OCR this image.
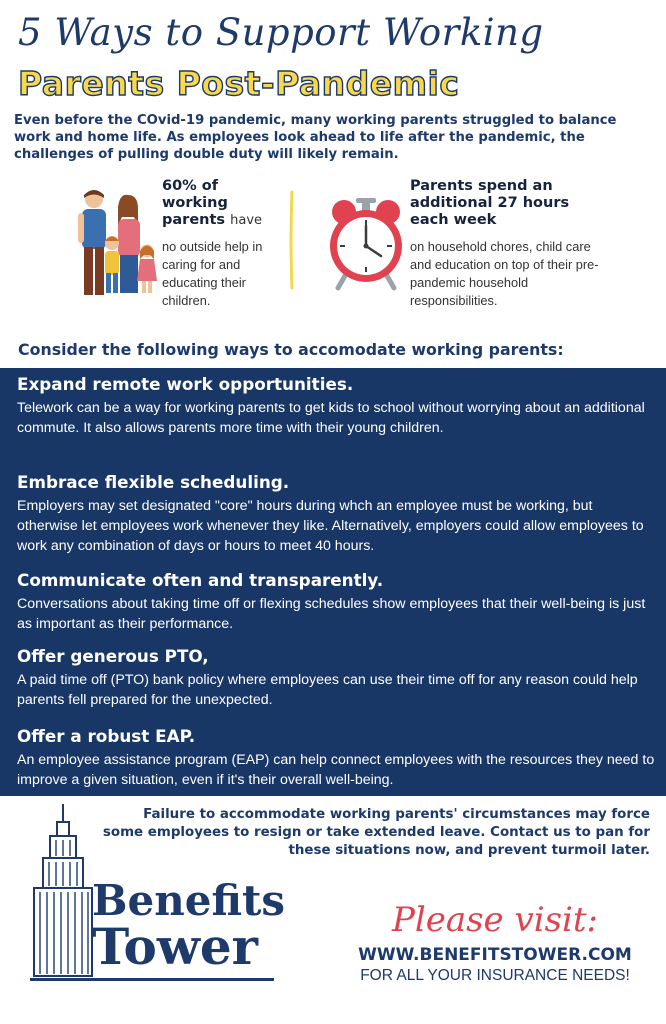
5 Ways to Support Working
Parents Post-Pandemic
Even before the COvid-19 pandemic, many working parents struggled to balance work and home life. As employees look ahead to life after the pandemic, the challenges of pulling double duty will likely remain.
60% of working parents have
no outside help in caring for and educating their children.
Parents spend an additional 27 hours each week
on household chores, child care and education on top of their pre-pandemic household responsibilities.
Consider the following ways to accomodate working parents:
Expand remote work opportunities.

Telework can be a way for working parents to get kids to school without worrying about an additional commute. It also allows parents more time with their young children.

Embrace flexible scheduling.

Employers may set designated "core" hours during whch an employee must be working, but otherwise let employees work whenever they like. Alternatively, employers could allow employees to work any combination of days or hours to meet 40 hours.

Communicate often and transparently.

Conversations about taking time off or flexing schedules show employees that their well-being is just as important as their performance.

Offer generous PTO,

A paid time off (PTO) bank policy where employees can use their time off for any reason could help parents fell prepared for the unexpected.

Offer a robust EAP.

An employee assistance program (EAP) can help connect employees with the resources they need to improve a given situation, even if it's their overall well-being.

Benefits
Tower
Failure to accommodate working parents' circumstances may force some employees to resign or take extended leave. Contact us to pan for these situations now, and prevent turmoil later.
Please visit:
WWW.BENEFITSTOWER.COM
FOR ALL YOUR INSURANCE NEEDS!
